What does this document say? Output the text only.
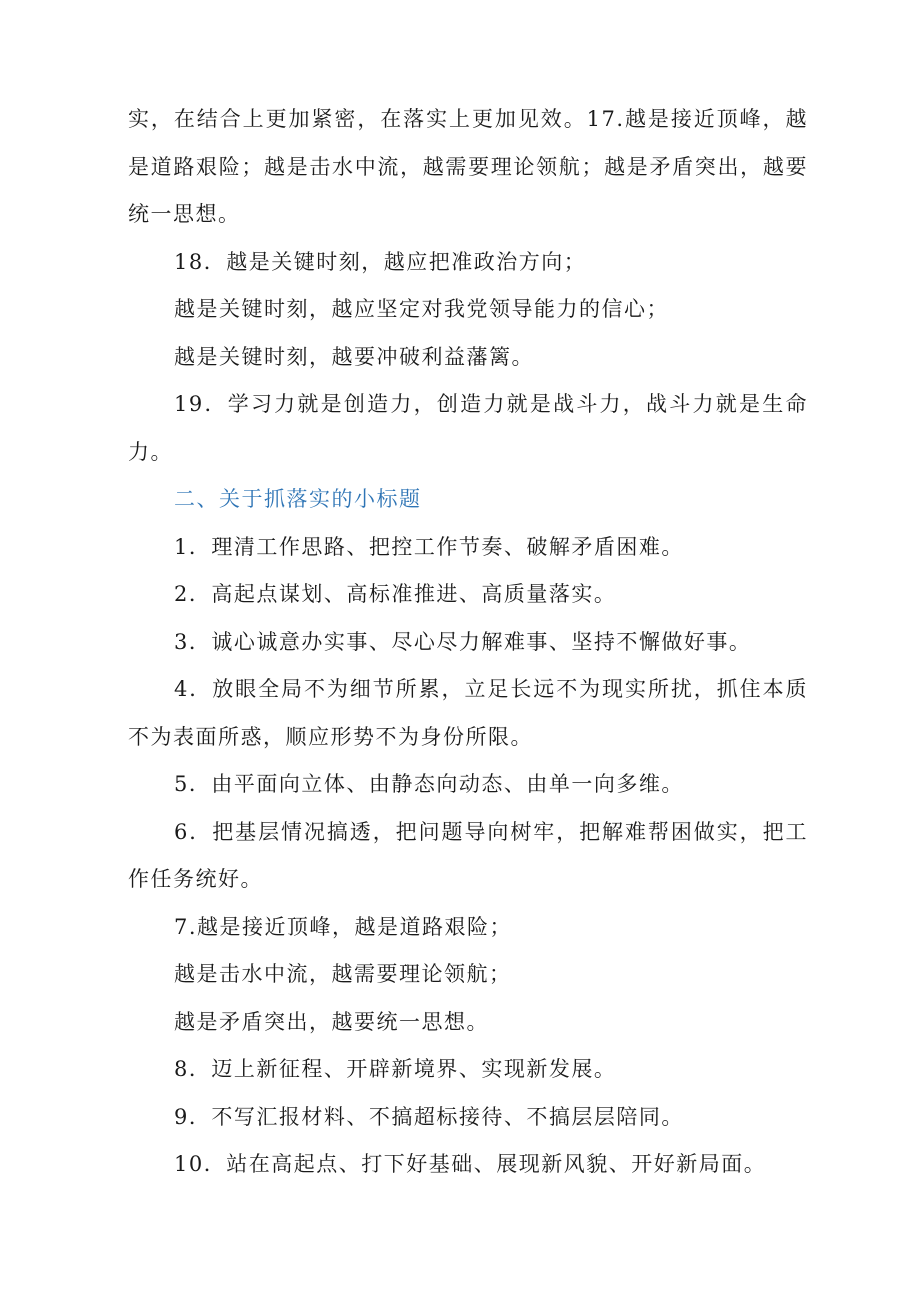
实，在结合上更加紧密，在落实上更加见效。17.越是接近顶峰，越是道路艰险；越是击水中流，越需要理论领航；越是矛盾突出，越要统一思想。

18．越是关键时刻，越应把准政治方向；

越是关键时刻，越应坚定对我党领导能力的信心；

越是关键时刻，越要冲破利益藩篱。

19．学习力就是创造力，创造力就是战斗力，战斗力就是生命力。

二、关于抓落实的小标题

1．理清工作思路、把控工作节奏、破解矛盾困难。

2．高起点谋划、高标准推进、高质量落实。

3．诚心诚意办实事、尽心尽力解难事、坚持不懈做好事。

4．放眼全局不为细节所累，立足长远不为现实所扰，抓住本质不为表面所惑，顺应形势不为身份所限。

5．由平面向立体、由静态向动态、由单一向多维。

6．把基层情况搞透，把问题导向树牢，把解难帮困做实，把工作任务统好。

7.越是接近顶峰，越是道路艰险；

越是击水中流，越需要理论领航；

越是矛盾突出，越要统一思想。

8．迈上新征程、开辟新境界、实现新发展。

9．不写汇报材料、不搞超标接待、不搞层层陪同。

10．站在高起点、打下好基础、展现新风貌、开好新局面。
